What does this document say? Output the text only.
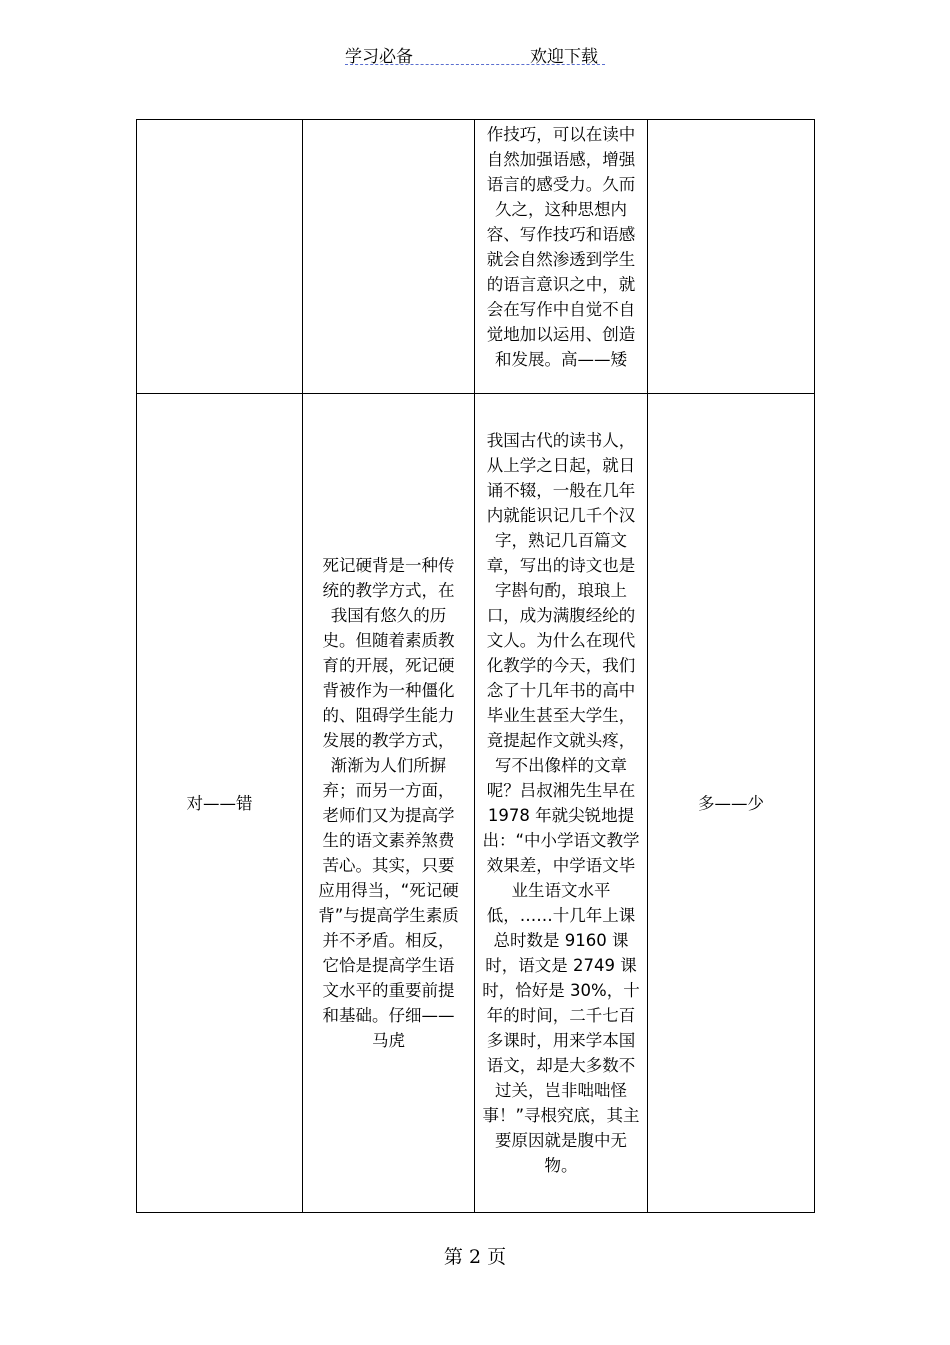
学习必备	欢迎下载

		作技巧，可以在读中自然加强语感，增强语言的感受力。久而久之，这种思想内容、写作技巧和语感就会自然渗透到学生的语言意识之中，就会在写作中自觉不自觉地加以运用、创造和发展。高——矮	

对——错	死记硬背是一种传统的教学方式，在我国有悠久的历史。但随着素质教育的开展，死记硬背被作为一种僵化的、阻碍学生能力发展的教学方式，渐渐为人们所摒弃；而另一方面，老师们又为提高学生的语文素养煞费苦心。其实，只要应用得当，“死记硬背”与提高学生素质并不矛盾。相反，它恰是提高学生语文水平的重要前提和基础。仔细——马虎	我国古代的读书人，从上学之日起，就日诵不辍，一般在几年内就能识记几千个汉字，熟记几百篇文章，写出的诗文也是字斟句酌，琅琅上口，成为满腹经纶的文人。为什么在现代化教学的今天，我们念了十几年书的高中毕业生甚至大学生，竟提起作文就头疼，写不出像样的文章呢？吕叔湘先生早在 1978 年就尖锐地提出：“中小学语文教学效果差，中学语文毕业生语文水平低，……十几年上课总时数是 9160 课时，语文是 2749 课时，恰好是 30%，十年的时间，二千七百多课时，用来学本国语文，却是大多数不过关，岂非咄咄怪事！”寻根究底，其主要原因就是腹中无物。	多——少
第 2 页
